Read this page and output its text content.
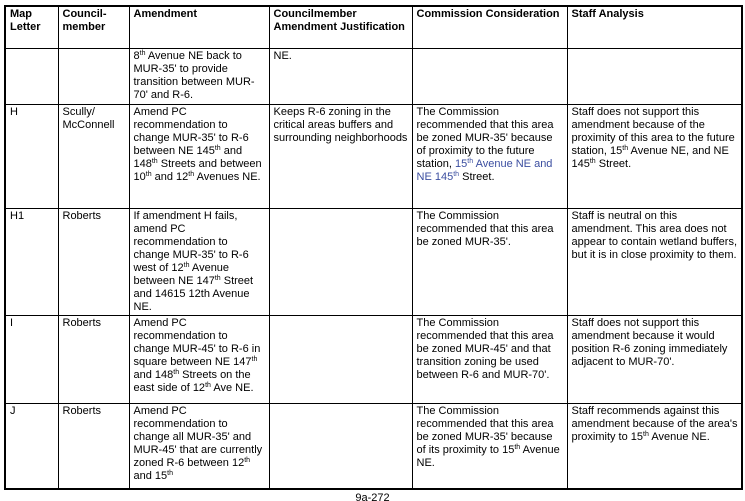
Map Letter	Council-member	Amendment	Councilmember Amendment Justification	Commission Consideration	Staff Analysis
		8th Avenue NE back to MUR-35' to provide transition between MUR-70' and R-6.	NE.		
H	Scully/ McConnell	Amend PC recommendation to change MUR-35' to R-6 between NE 145th and 148th Streets and between 10th and 12th Avenues NE.	Keeps R-6 zoning in the critical areas buffers and surrounding neighborhoods	The Commission recommended that this area be zoned MUR-35' because of proximity to the future station, 15th Avenue NE and NE 145th Street.	Staff does not support this amendment because of the proximity of this area to the future station, 15th Avenue NE, and NE 145th Street.
H1	Roberts	If amendment H fails, amend PC recommendation to change MUR-35' to R-6 west of 12th Avenue between NE 147th Street and 14615 12th Avenue NE.		The Commission recommended that this area be zoned MUR-35'.	Staff is neutral on this amendment. This area does not appear to contain wetland buffers, but it is in close proximity to them.
I	Roberts	Amend PC recommendation to change MUR-45' to R-6 in square between NE 147th and 148th Streets on the east side of 12th Ave NE.		The Commission recommended that this area be zoned MUR-45' and that transition zoning be used between R-6 and MUR-70'.	Staff does not support this amendment because it would position R-6 zoning immediately adjacent to MUR-70'.
J	Roberts	Amend PC recommendation to change all MUR-35' and MUR-45' that are currently zoned R-6 between 12th and 15th		The Commission recommended that this area be zoned MUR-35' because of its proximity to 15th Avenue NE.	Staff recommends against this amendment because of the area's proximity to 15th Avenue NE.
9a-272
